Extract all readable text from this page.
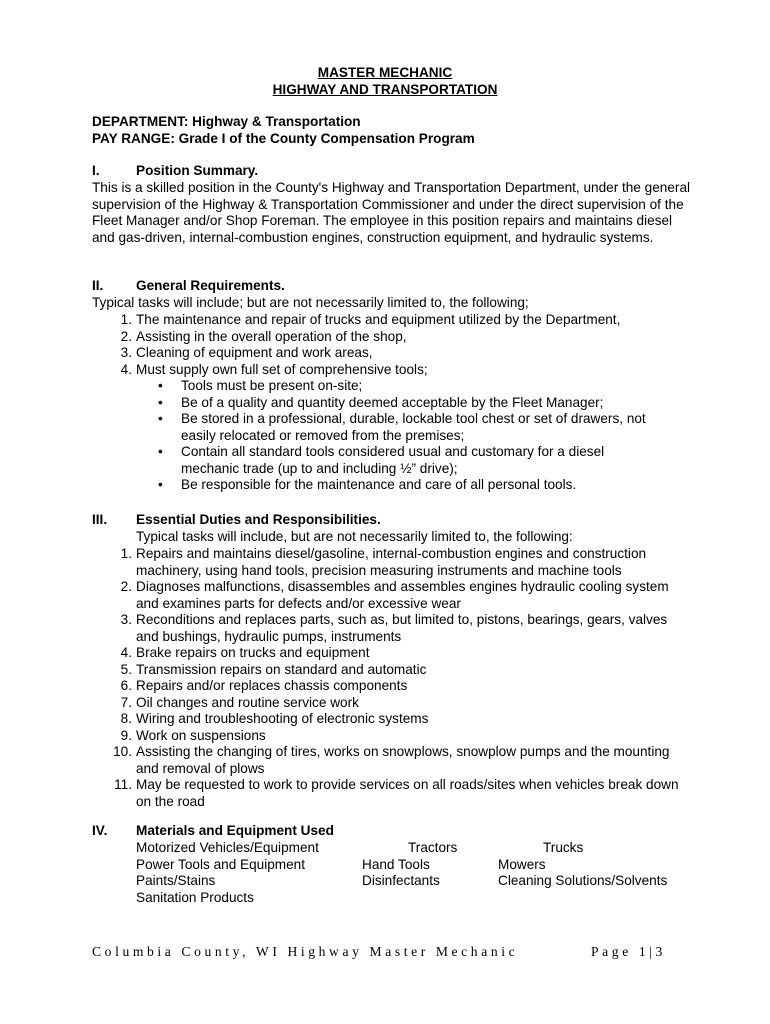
MASTER MECHANIC
HIGHWAY AND TRANSPORTATION
DEPARTMENT: Highway & Transportation
PAY RANGE: Grade I of the County Compensation Program
I.	Position Summary.
This is a skilled position in the County's Highway and Transportation Department, under the general supervision of the Highway & Transportation Commissioner and under the direct supervision of the Fleet Manager and/or Shop Foreman. The employee in this position repairs and maintains diesel and gas-driven, internal-combustion engines, construction equipment, and hydraulic systems.
II. General Requirements.
Typical tasks will include; but are not necessarily limited to, the following;
1. The maintenance and repair of trucks and equipment utilized by the Department,
2. Assisting in the overall operation of the shop,
3. Cleaning of equipment and work areas,
4. Must supply own full set of comprehensive tools;
• Tools must be present on-site;
• Be of a quality and quantity deemed acceptable by the Fleet Manager;
• Be stored in a professional, durable, lockable tool chest or set of drawers, not easily relocated or removed from the premises;
• Contain all standard tools considered usual and customary for a diesel mechanic trade (up to and including ½” drive);
• Be responsible for the maintenance and care of all personal tools.
III. Essential Duties and Responsibilities.
Typical tasks will include, but are not necessarily limited to, the following:
1. Repairs and maintains diesel/gasoline, internal-combustion engines and construction machinery, using hand tools, precision measuring instruments and machine tools
2. Diagnoses malfunctions, disassembles and assembles engines hydraulic cooling system and examines parts for defects and/or excessive wear
3. Reconditions and replaces parts, such as, but limited to, pistons, bearings, gears, valves and bushings, hydraulic pumps, instruments
4. Brake repairs on trucks and equipment
5. Transmission repairs on standard and automatic
6. Repairs and/or replaces chassis components
7. Oil changes and routine service work
8. Wiring and troubleshooting of electronic systems
9. Work on suspensions
10. Assisting the changing of tires, works on snowplows, snowplow pumps and the mounting and removal of plows
11. May be requested to work to provide services on all roads/sites when vehicles break down on the road
IV. Materials and Equipment Used
Motorized Vehicles/Equipment
Power Tools and Equipment
Paints/Stains
Sanitation Products
Tractors
Hand Tools
Disinfectants
Trucks
Mowers
Cleaning Solutions/Solvents
Columbia County, WI Highway Master Mechanic	Page 1|3
